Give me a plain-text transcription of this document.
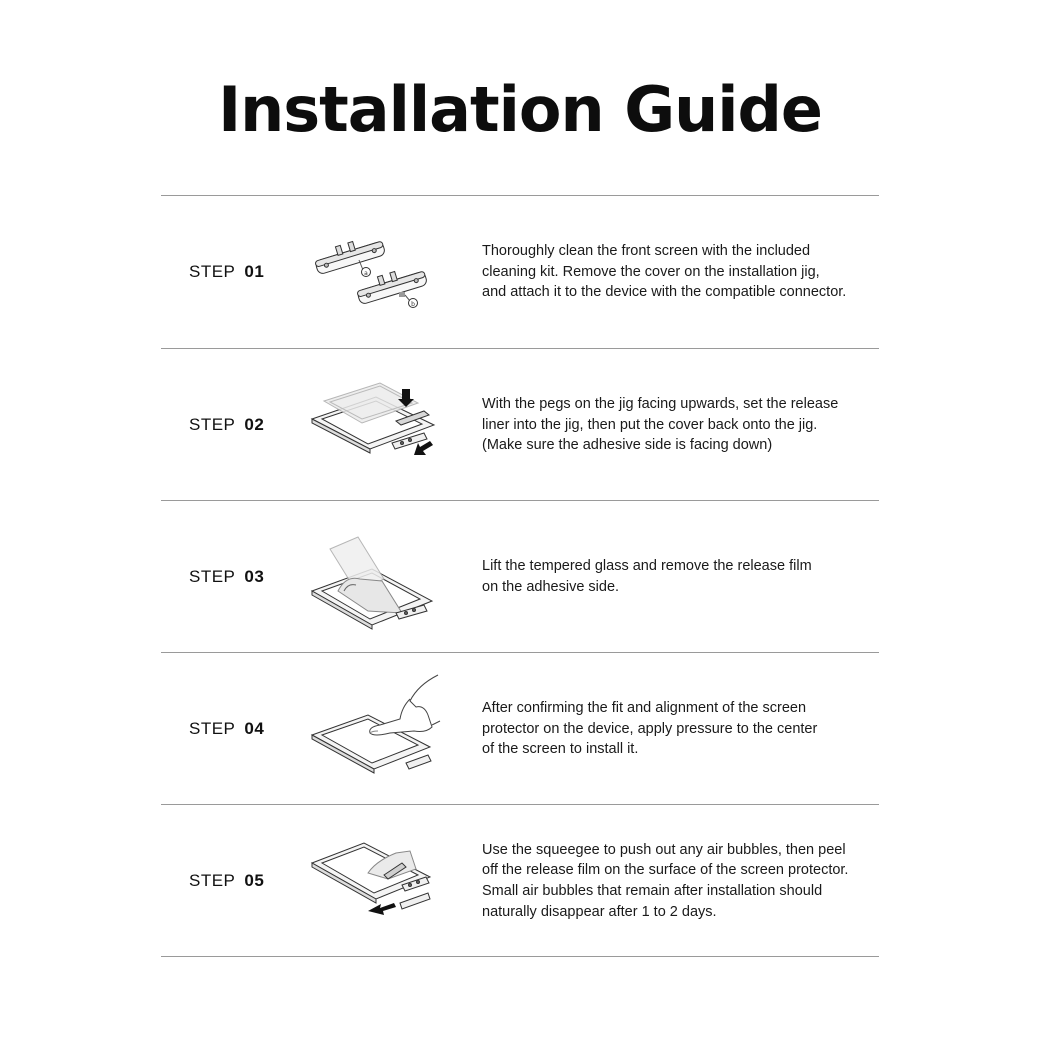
Installation Guide
STEP 01	a
b
Thoroughly clean the front screen with the included
cleaning kit. Remove the cover on the installation jig,
and attach it to the device with the compatible connector.
STEP 02
With the pegs on the jig facing upwards, set the release
liner into the jig, then put the cover back onto the jig.
(Make sure the adhesive side is facing down)
STEP 03
Lift the tempered glass and remove the release film
on the adhesive side.
STEP 04
After confirming the fit and alignment of the screen
protector on the device, apply pressure to the center
of the screen to install it.
STEP 05
Use the squeegee to push out any air bubbles, then peel
off the release film on the surface of the screen protector.
Small air bubbles that remain after installation should
naturally disappear after 1 to 2 days.
